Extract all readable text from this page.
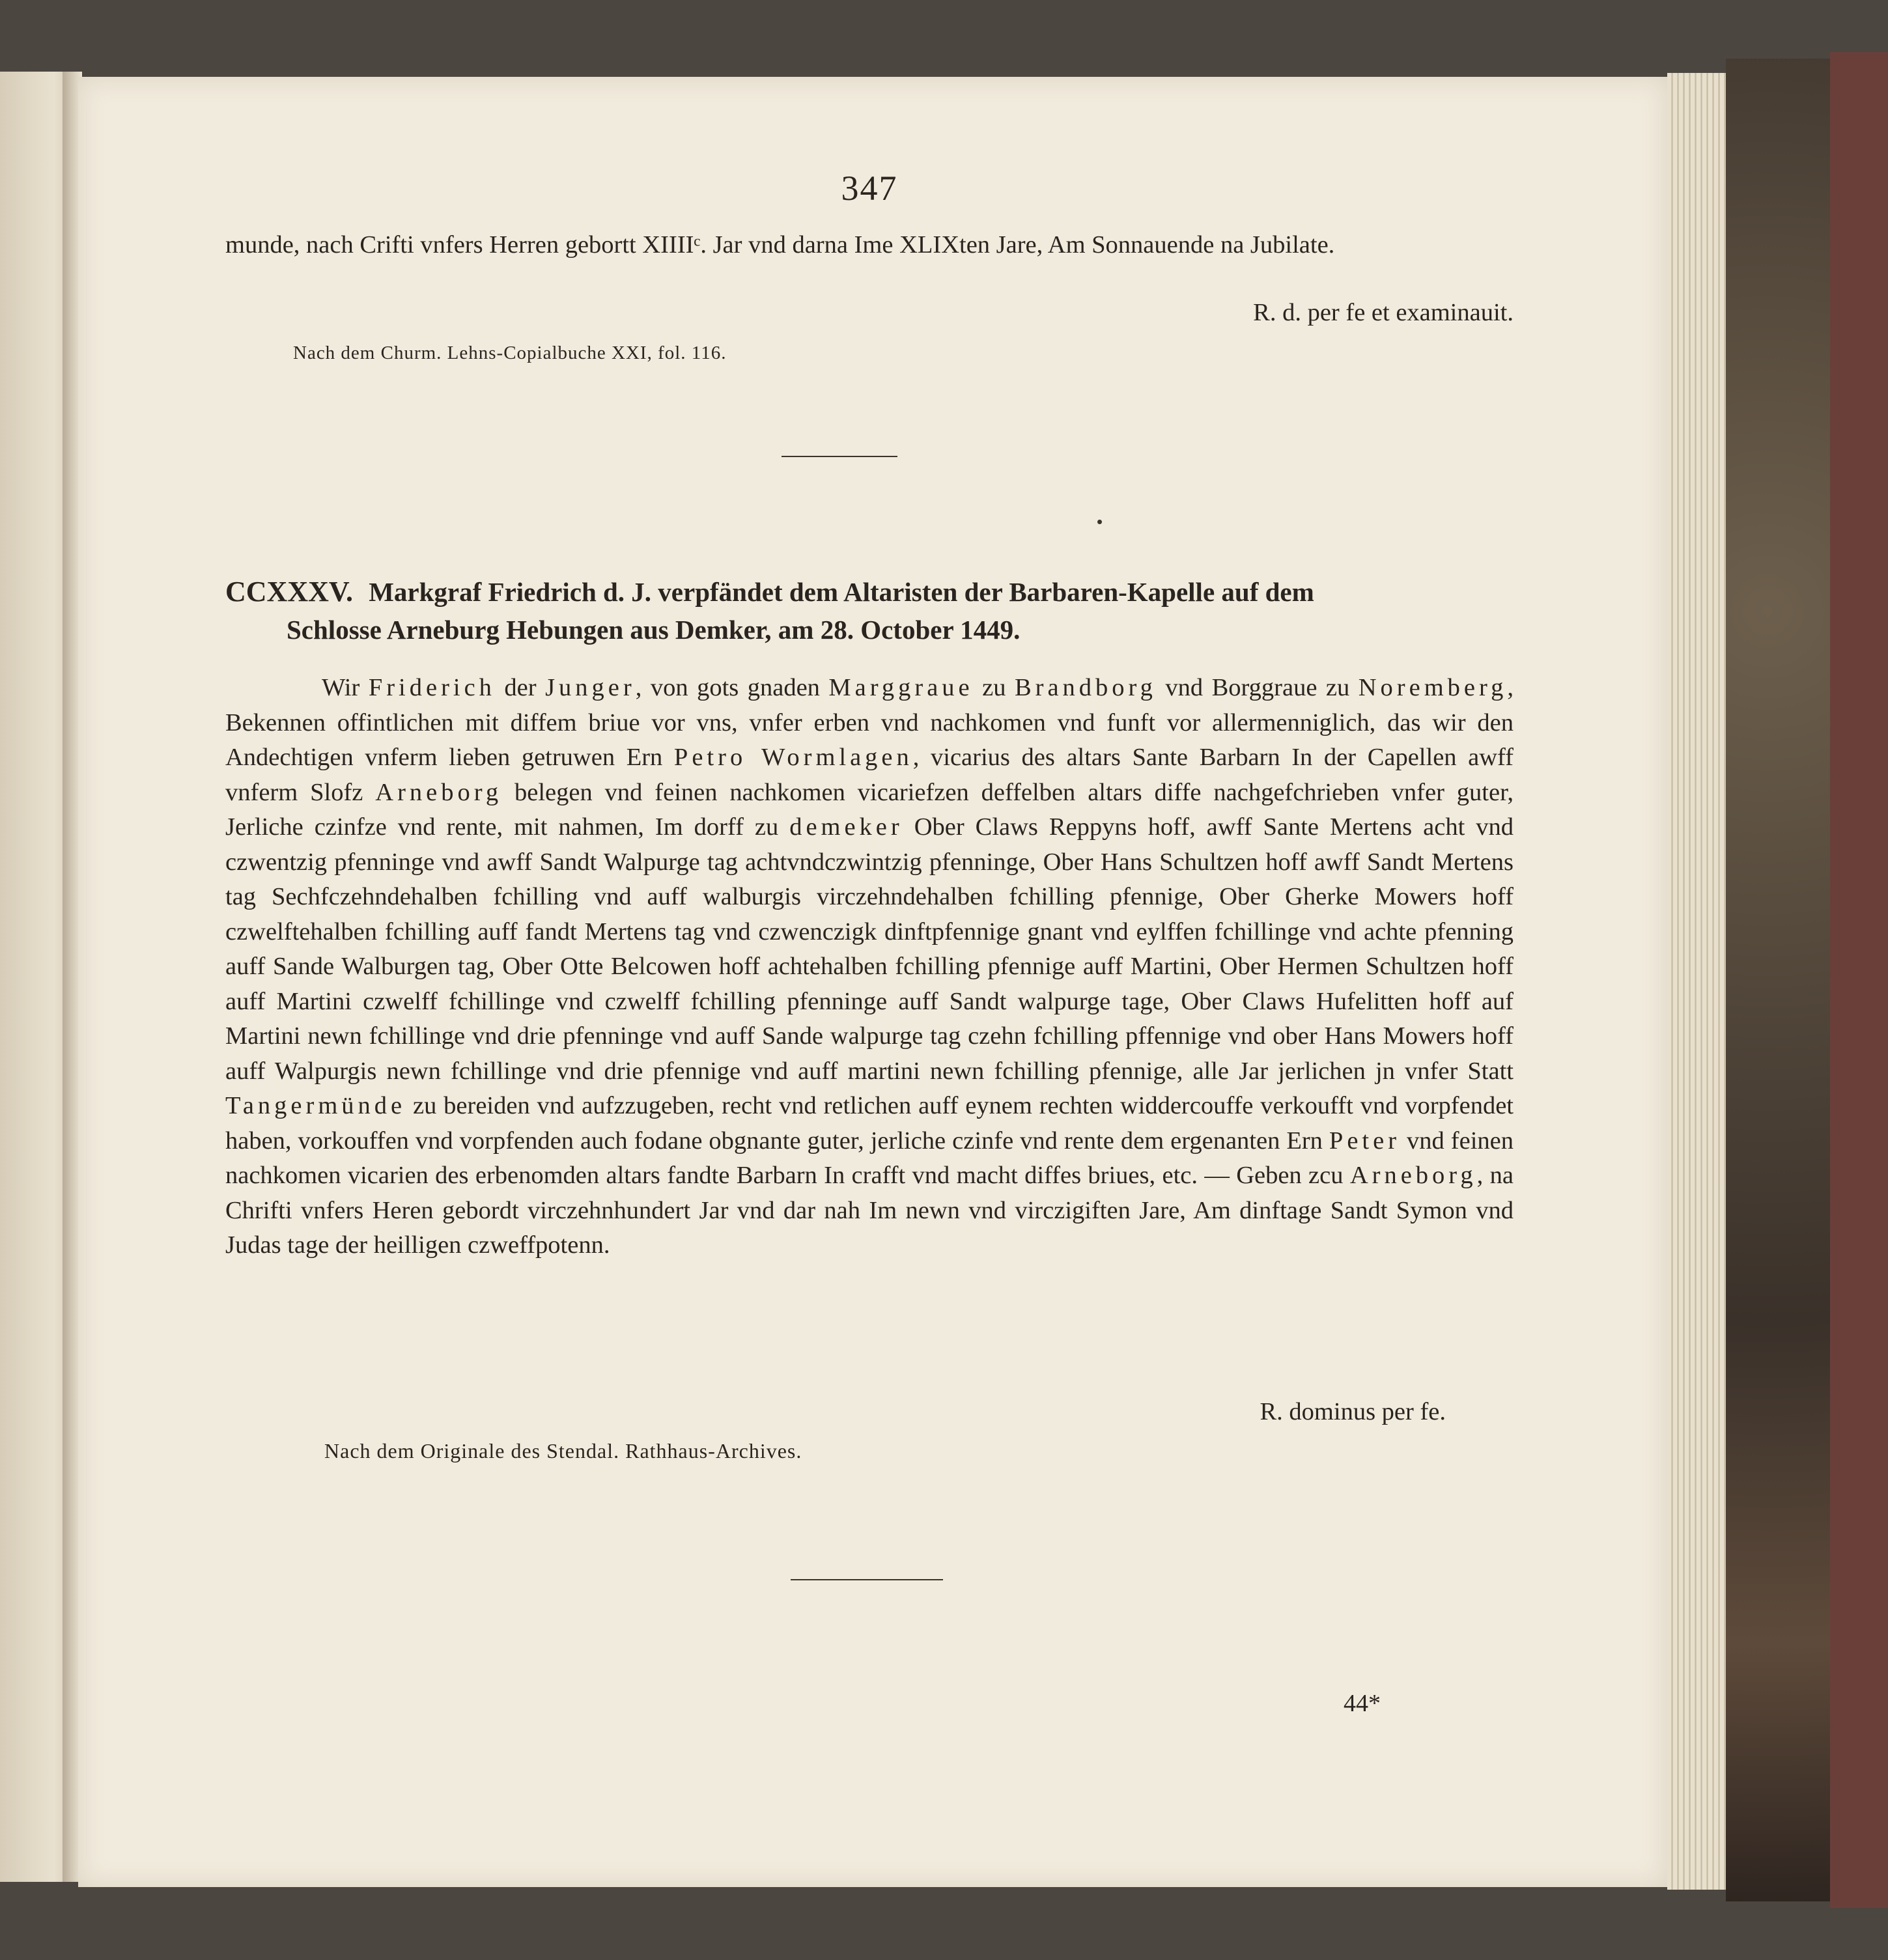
347

munde, nach Crifti vnfers Herren gebortt XIIIIᶜ. Jar vnd darna Ime XLIXten Jare, Am Sonnauende na Jubilate.

R. d. per fe et examinauit.
Nach dem Churm. Lehns-Copialbuche XXI, fol. 116.
CCXXXV. Markgraf Friedrich d. J. verpfändet dem Altaristen der Barbaren-Kapelle auf dem
Schlosse Arneburg Hebungen aus Demker, am 28. October 1449.

Wir Friderich der Junger, von gots gnaden Marggraue zu Brandborg vnd Borggraue zu Noremberg, Bekennen offintlichen mit diffem briue vor vns, vnfer erben vnd nachkomen vnd funft vor allermenniglich, das wir den Andechtigen vnferm lieben getruwen Ern Petro Wormlagen, vicarius des altars Sante Barbarn In der Capellen awff vnferm Slofz Arneborg belegen vnd feinen nachkomen vicariefzen deffelben altars diffe nachgefchrieben vnfer guter, Jerliche czinfze vnd rente, mit nahmen, Im dorff zu demeker Ober Claws Reppyns hoff, awff Sante Mertens acht vnd czwentzig pfenninge vnd awff Sandt Walpurge tag achtvndczwintzig pfenninge, Ober Hans Schultzen hoff awff Sandt Mertens tag Sechfczehndehalben fchilling vnd auff walburgis virczehndehalben fchilling pfennige, Ober Gherke Mowers hoff czwelftehalben fchilling auff fandt Mertens tag vnd czwenczigk dinftpfennige gnant vnd eylffen fchillinge vnd achte pfenning auff Sande Walburgen tag, Ober Otte Belcowen hoff achtehalben fchilling pfennige auff Martini, Ober Hermen Schultzen hoff auff Martini czwelff fchillinge vnd czwelff fchilling pfenninge auff Sandt walpurge tage, Ober Claws Hufelitten hoff auf Martini newn fchillinge vnd drie pfenninge vnd auff Sande walpurge tag czehn fchilling pffennige vnd ober Hans Mowers hoff auff Walpurgis newn fchillinge vnd drie pfennige vnd auff martini newn fchilling pfennige, alle Jar jerlichen jn vnfer Statt Tangermünde zu bereiden vnd aufzzugeben, recht vnd retlichen auff eynem rechten widdercouffe verkoufft vnd vorpfendet haben, vorkouffen vnd vorpfenden auch fodane obgnante guter, jerliche czinfe vnd rente dem ergenanten Ern Peter vnd feinen nachkomen vicarien des erbenomden altars fandte Barbarn In crafft vnd macht diffes briues, etc. — Geben zcu Arneborg, na Chrifti vnfers Heren gebordt virczehnhundert Jar vnd dar nah Im newn vnd virczigiften Jare, Am dinftage Sandt Symon vnd Judas tage der heilligen czweffpotenn.

R. dominus per fe.
Nach dem Originale des Stendal. Rathhaus-Archives.
44*
